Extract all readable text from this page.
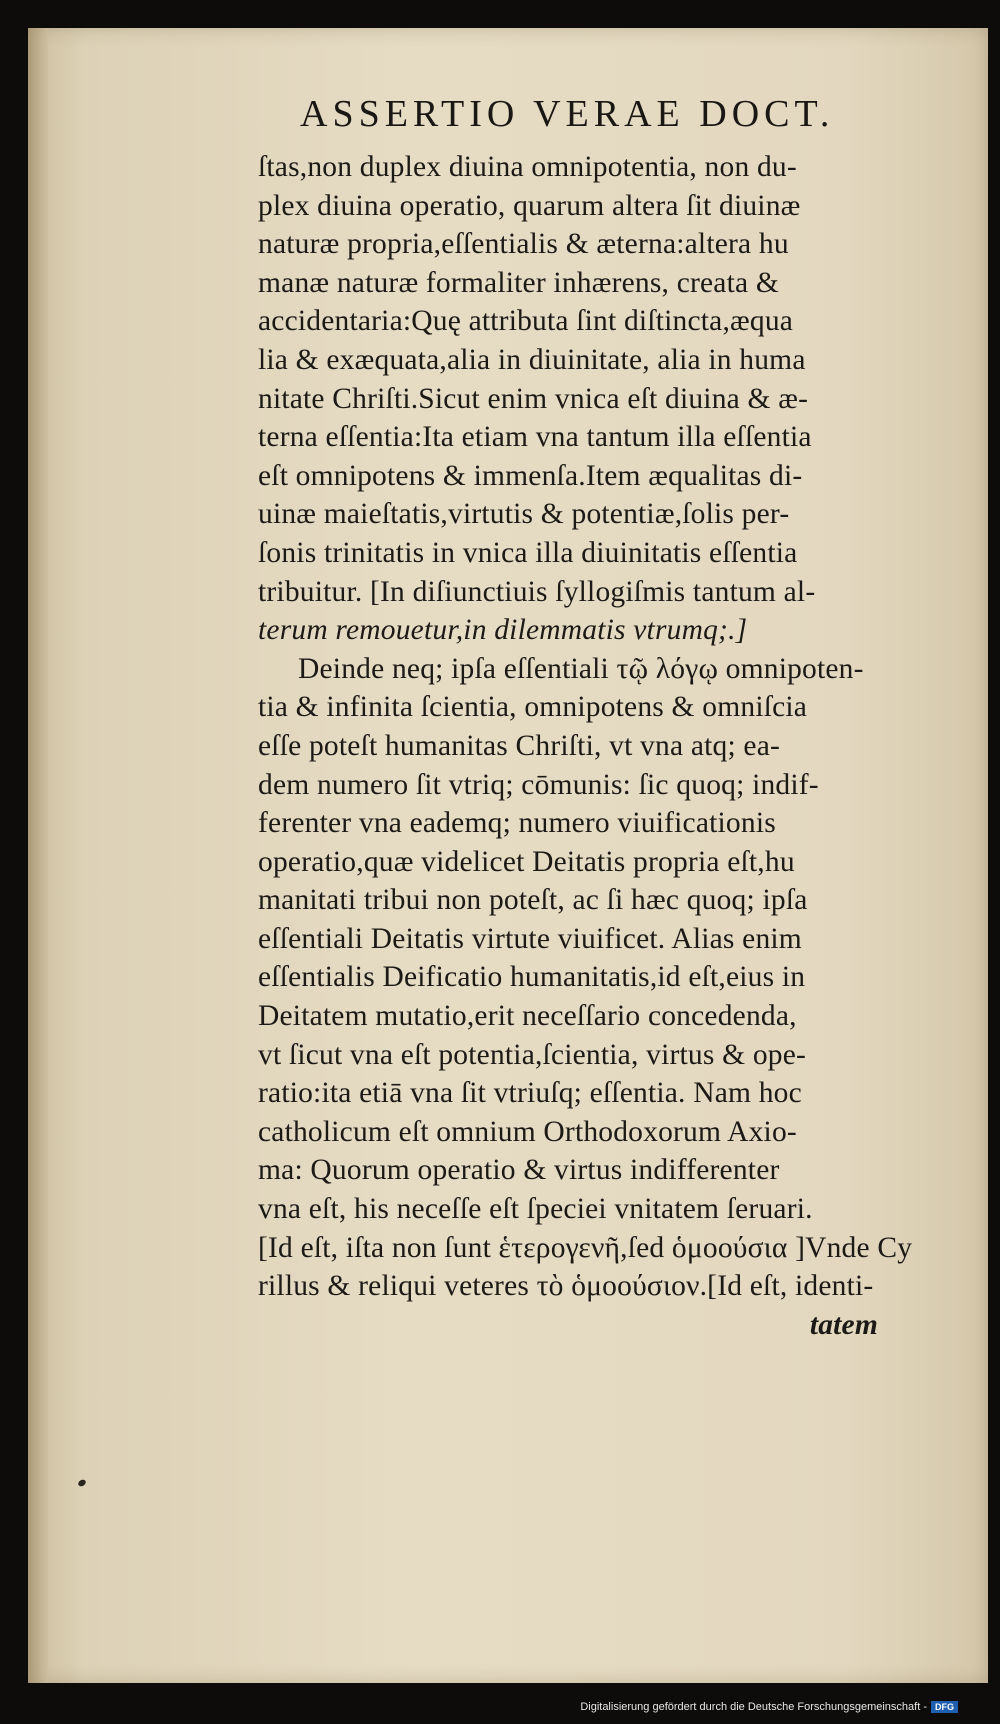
ASSERTIO VERAE DOCT.
ſtas,non duplex diuina omnipotentia, non du-
plex diuina operatio, quarum altera ſit diuinæ
naturæ propria,eſſentialis & æterna:altera hu
manæ naturæ formaliter inhærens, creata &
accidentaria:Quę attributa ſint diſtincta,æqua
lia & exæquata,alia in diuinitate, alia in huma
nitate Chriſti.Sicut enim vnica eſt diuina & æ-
terna eſſentia:Ita etiam vna tantum illa eſſentia
eſt omnipotens & immenſa.Item æqualitas di-
uinæ maieſtatis,virtutis & potentiæ,ſolis per-
ſonis trinitatis in vnica illa diuinitatis eſſentia
tribuitur. [In diſiunctiuis ſyllogiſmis tantum al-
terum remouetur,in dilemmatis vtrumq;.]
Deinde neq; ipſa eſſentiali τῷ λόγῳ omnipoten-
tia & infinita ſcientia, omnipotens & omniſcia
eſſe poteſt humanitas Chriſti, vt vna atq; ea-
dem numero ſit vtriq; cōmunis: ſic quoq; indif-
ferenter vna eademq; numero viuificationis
operatio,quæ videlicet Deitatis propria eſt,hu
manitati tribui non poteſt, ac ſi hæc quoq; ipſa
eſſentiali Deitatis virtute viuificet. Alias enim
eſſentialis Deificatio humanitatis,id eſt,eius in
Deitatem mutatio,erit neceſſario concedenda,
vt ſicut vna eſt potentia,ſcientia, virtus & ope-
ratio:ita etiā vna ſit vtriuſq; eſſentia. Nam hoc
catholicum eſt omnium Orthodoxorum Axio-
ma: Quorum operatio & virtus indifferenter
vna eſt, his neceſſe eſt ſpeciei vnitatem ſeruari.
[Id eſt, iſta non ſunt ἑτερογενῆ,ſed ὁμοούσια ]Vnde Cy
rillus & reliqui veteres τὸ ὁμοούσιον.[Id eſt, identi-
tatem
Digitalisierung gefördert durch die Deutsche Forschungsgemeinschaft - DFG
